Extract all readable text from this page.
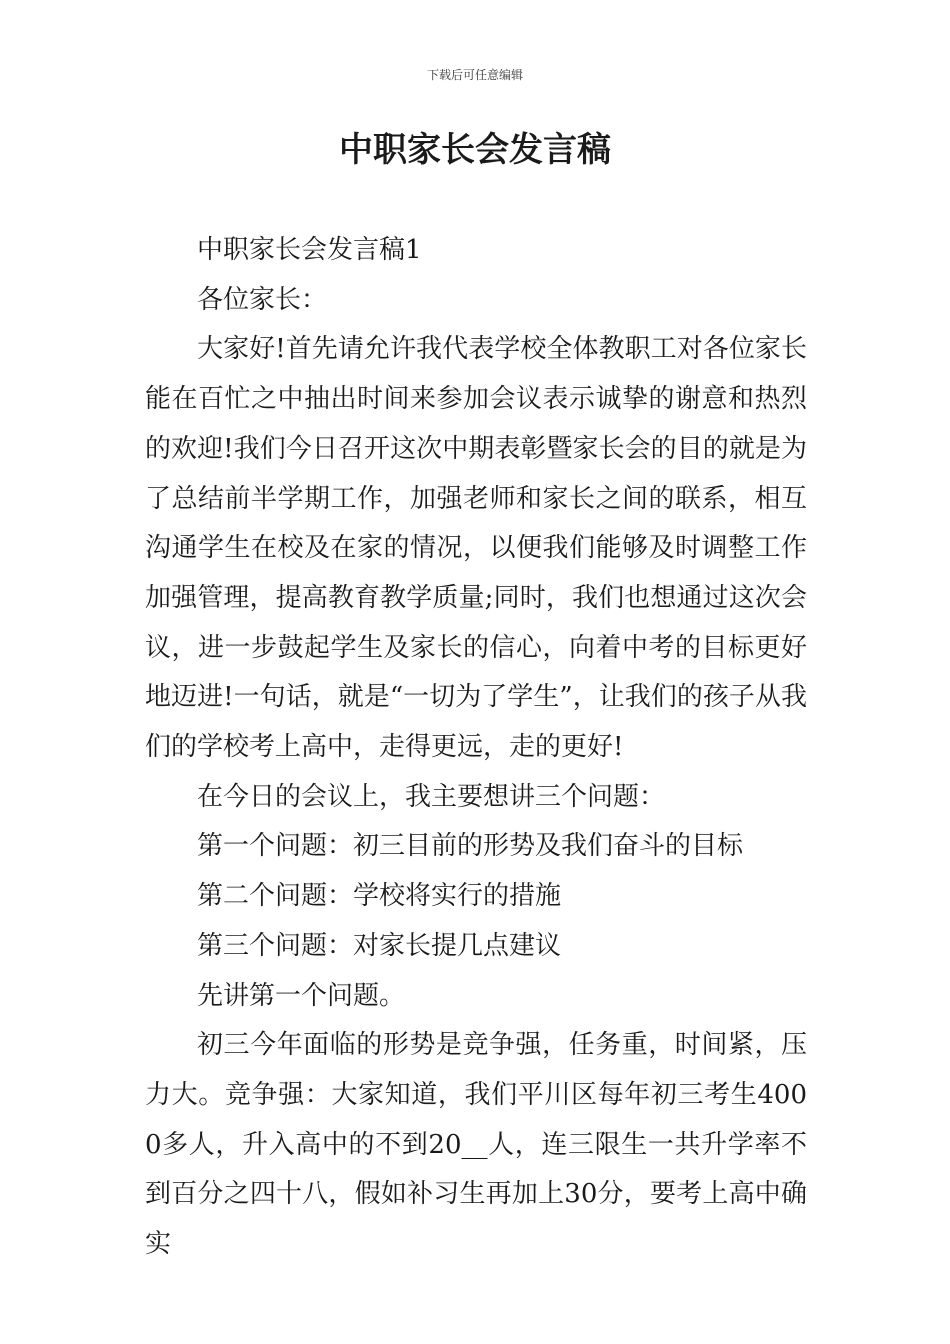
下载后可任意编辑
中职家长会发言稿

中职家长会发言稿1

各位家长：

大家好!首先请允许我代表学校全体教职工对各位家长能在百忙之中抽出时间来参加会议表示诚挚的谢意和热烈的欢迎!我们今日召开这次中期表彰暨家长会的目的就是为了总结前半学期工作，加强老师和家长之间的联系，相互沟通学生在校及在家的情况，以便我们能够及时调整工作加强管理，提高教育教学质量;同时，我们也想通过这次会议，进一步鼓起学生及家长的信心，向着中考的目标更好地迈进!一句话，就是“一切为了学生”，让我们的孩子从我们的学校考上高中，走得更远，走的更好!

在今日的会议上，我主要想讲三个问题：

第一个问题：初三目前的形势及我们奋斗的目标

第二个问题：学校将实行的措施

第三个问题：对家长提几点建议

先讲第一个问题。

初三今年面临的形势是竞争强，任务重，时间紧，压力大。竞争强：大家知道，我们平川区每年初三考生4000多人，升入高中的不到20__人，连三限生一共升学率不到百分之四十八，假如补习生再加上30分，要考上高中确实
